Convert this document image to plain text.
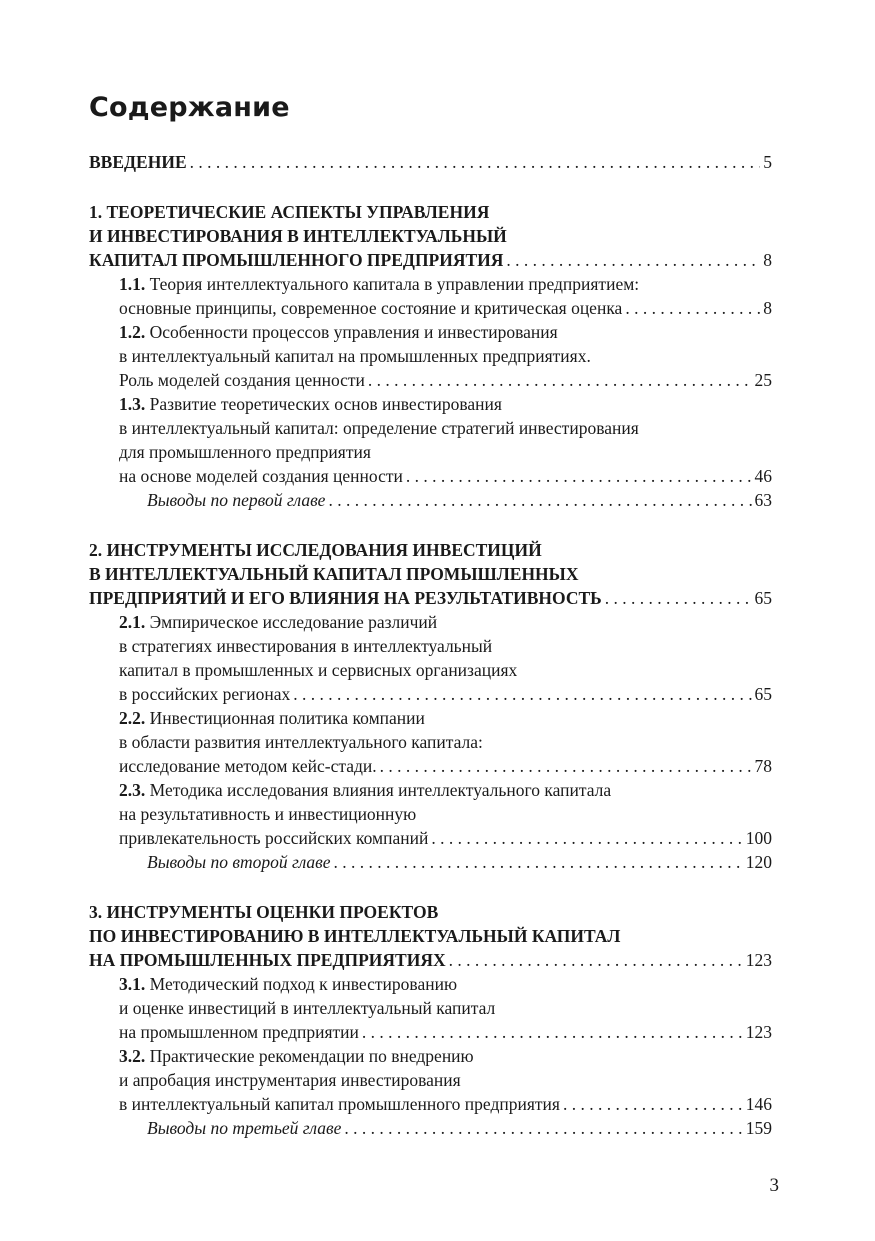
Содержание
ВВЕДЕНИЕ . . .	5
1. ТЕОРЕТИЧЕСКИЕ АСПЕКТЫ УПРАВЛЕНИЯ
И ИНВЕСТИРОВАНИЯ В ИНТЕЛЛЕКТУАЛЬНЫЙ
КАПИТАЛ ПРОМЫШЛЕННОГО ПРЕДПРИЯТИЯ . . .	8
1.1.
Теория интеллектуального капитала в управлении предприятием:
основные принципы, современное состояние и критическая оценка . . .	8
1.2.
Особенности процессов управления и инвестирования
в интеллектуальный капитал на промышленных предприятиях.
Роль моделей создания ценности . . .	25
1.3.
Развитие теоретических основ инвестирования
в интеллектуальный капитал: определение стратегий инвестирования
для промышленного предприятия
на основе моделей создания ценности . . .	46
Выводы по первой главе . . .	63
2. ИНСТРУМЕНТЫ ИССЛЕДОВАНИЯ ИНВЕСТИЦИЙ
В ИНТЕЛЛЕКТУАЛЬНЫЙ КАПИТАЛ ПРОМЫШЛЕННЫХ
ПРЕДПРИЯТИЙ И ЕГО ВЛИЯНИЯ НА РЕЗУЛЬТАТИВНОСТЬ . . .	65
2.1.
Эмпирическое исследование различий
в стратегиях инвестирования в интеллектуальный
капитал в промышленных и сервисных организациях
в российских регионах . . .	65
2.2.
Инвестиционная политика компании
в области развития интеллектуального капитала:
исследование методом кейс-стади. . . .	78
2.3.
Методика исследования влияния интеллектуального капитала
на результативность и инвестиционную
привлекательность российских компаний . . .	100
Выводы по второй главе . . .	120
3. ИНСТРУМЕНТЫ ОЦЕНКИ ПРОЕКТОВ
ПО ИНВЕСТИРОВАНИЮ В ИНТЕЛЛЕКТУАЛЬНЫЙ КАПИТАЛ
НА ПРОМЫШЛЕННЫХ ПРЕДПРИЯТИЯХ . . .	123
3.1.
Методический подход к инвестированию
и оценке инвестиций в интеллектуальный капитал
на промышленном предприятии . . .	123
3.2.
Практические рекомендации по внедрению
и апробация инструментария инвестирования
в интеллектуальный капитал промышленного предприятия . . .	146
Выводы по третьей главе . . .	159
3
